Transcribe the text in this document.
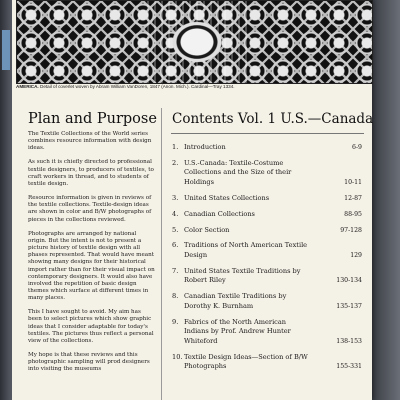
AMERICA. Detail of coverlet woven by Abram William VanDoren, 1847 (Anon. Mich.). Cardinal—Tray 1334.
Plan and Purpose

The Textile Collections of the World series combines resource information with design ideas.

As such it is chiefly directed to professional textile designers, to producers of textiles, to craft workers in thread, and to students of textile design.

Resource information is given in reviews of the textile collections. Textile-design ideas are shown in color and B/W photographs of pieces in the collections reviewed.

Photographs are arranged by national origin. But the intent is not to present a picture history of textile design with all phases represented. That would have meant showing many designs for their historical import rather than for their visual impact on contemporary designers. It would also have involved the repetition of basic design themes which surface at different times in many places.

This I have sought to avoid. My aim has been to select pictures which show graphic ideas that I consider adaptable for today's textiles. The pictures thus reflect a personal view of the collections.

My hope is that these reviews and this photographic sampling will prod designers into visiting the museums

Contents Vol. 1 U.S.—Canada
1. Introduction	6-9
2. U.S.-Canada: Textile-Costume Collections and the Size of their Holdings	10-11
3. United States Collections	12-87
4. Canadian Collections	88-95
5. Color Section	97-128
6. Traditions of North American Textile Design	129
7. United States Textile Traditions by Robert Riley	130-134
8. Canadian Textile Traditions by Dorothy K. Burnham	135-137
9. Fabrics of the North American Indians by Prof. Andrew Hunter Whiteford	138-153
10. Textile Design Ideas—Section of B/W Photographs	155-331
